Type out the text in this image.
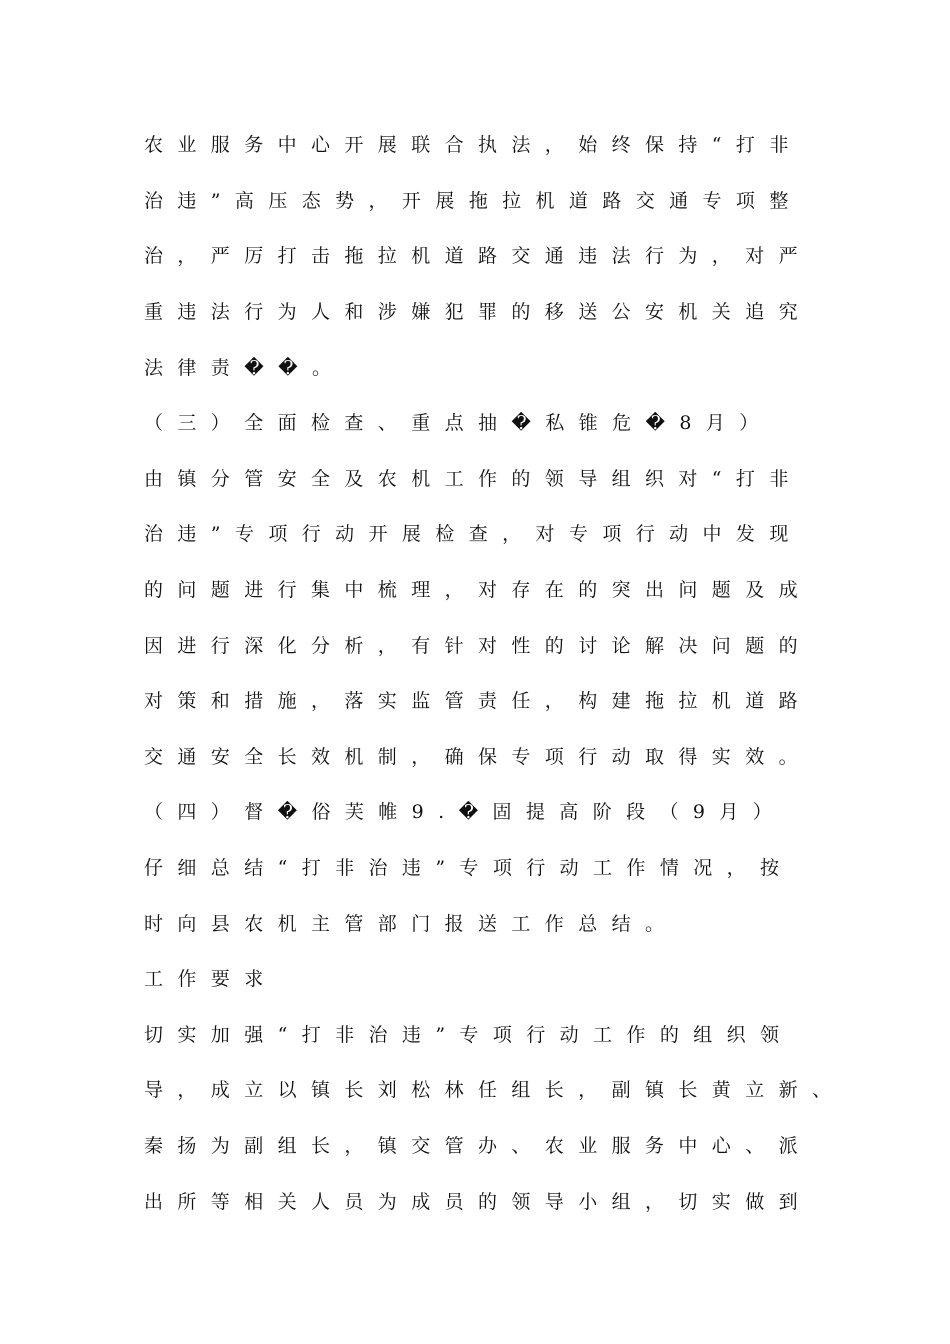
农业服务中心开展联合执法，始终保持“打非
治违”高压态势，开展拖拉机道路交通专项整
治，严厉打击拖拉机道路交通违法行为，对严
重违法行为人和涉嫌犯罪的移送公安机关追究
法律责��。
（三）全面检查、重点抽�私锥危�8月）
由镇分管安全及农机工作的领导组织对“打非
治违”专项行动开展检查，对专项行动中发现
的问题进行集中梳理，对存在的突出问题及成
因进行深化分析，有针对性的讨论解决问题的
对策和措施，落实监管责任，构建拖拉机道路
交通安全长效机制，确保专项行动取得实效。
（四）督�俗芙帷9.�固提高阶段（9月）
仔细总结“打非治违”专项行动工作情况，按
时向县农机主管部门报送工作总结。
工作要求
切实加强“打非治违”专项行动工作的组织领
导，成立以镇长刘松林任组长，副镇长黄立新、
秦扬为副组长，镇交管办、农业服务中心、派
出所等相关人员为成员的领导小组，切实做到
